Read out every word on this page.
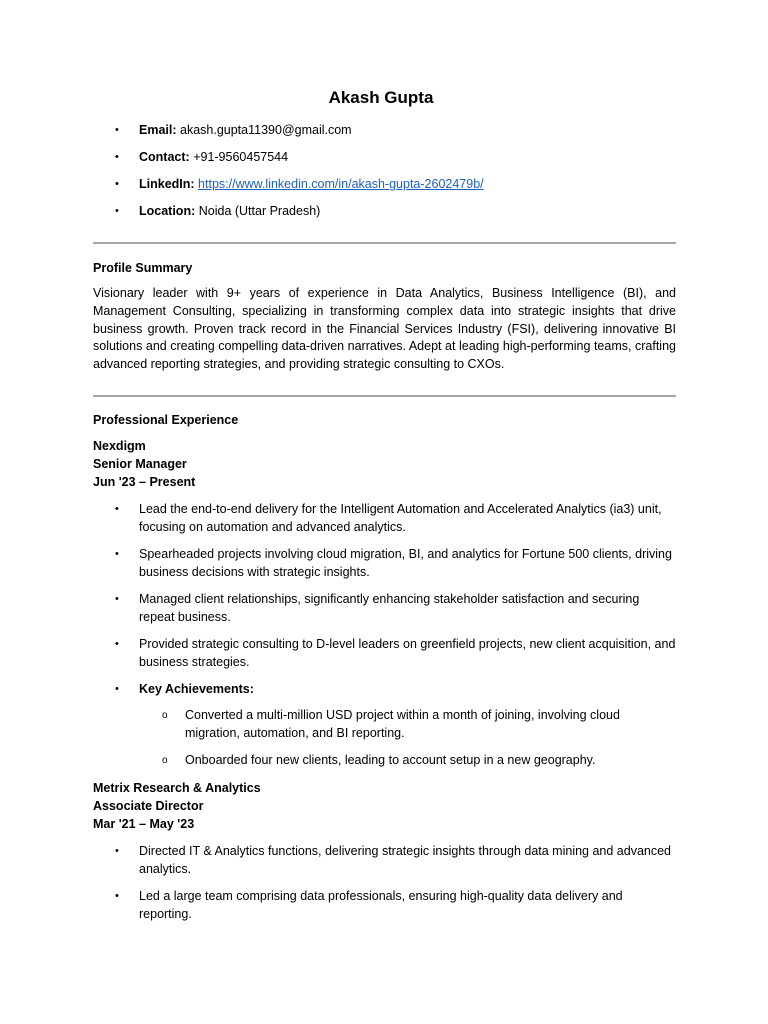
Akash Gupta
• Email: akash.gupta11390@gmail.com
• Contact: +91-9560457544
• LinkedIn: https://www.linkedin.com/in/akash-gupta-2602479b/
• Location: Noida (Uttar Pradesh)
Profile Summary

Visionary leader with 9+ years of experience in Data Analytics, Business Intelligence (BI), and Management Consulting, specializing in transforming complex data into strategic insights that drive business growth. Proven track record in the Financial Services Industry (FSI), delivering innovative BI solutions and creating compelling data-driven narratives. Adept at leading high-performing teams, crafting advanced reporting strategies, and providing strategic consulting to CXOs.

Professional Experience
Nexdigm
Senior Manager
Jun '23 – Present
• Lead the end-to-end delivery for the Intelligent Automation and Accelerated Analytics (ia3) unit, focusing on automation and advanced analytics.
• Spearheaded projects involving cloud migration, BI, and analytics for Fortune 500 clients, driving business decisions with strategic insights.
• Managed client relationships, significantly enhancing stakeholder satisfaction and securing repeat business.
• Provided strategic consulting to D-level leaders on greenfield projects, new client acquisition, and business strategies.
• Key Achievements:
o Converted a multi-million USD project within a month of joining, involving cloud migration, automation, and BI reporting.
o Onboarded four new clients, leading to account setup in a new geography.
Metrix Research & Analytics
Associate Director
Mar '21 – May '23
• Directed IT & Analytics functions, delivering strategic insights through data mining and advanced analytics.
• Led a large team comprising data professionals, ensuring high-quality data delivery and reporting.
